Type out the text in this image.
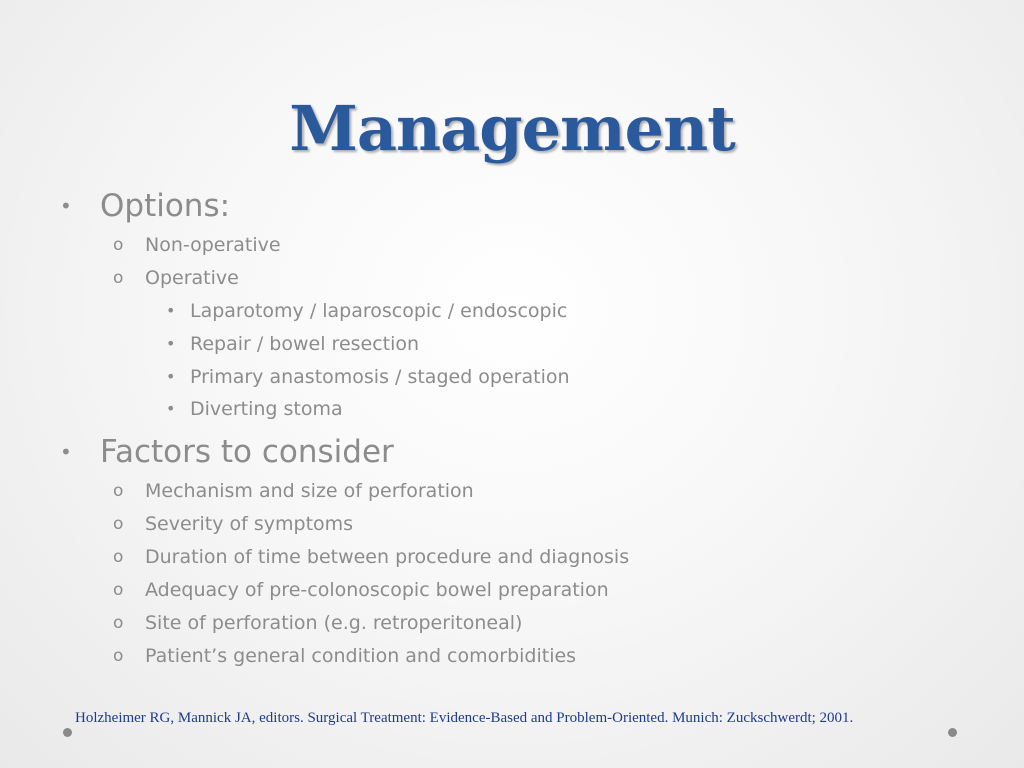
Management
• Options:
o Non-operative
o Operative
• Laparotomy / laparoscopic / endoscopic
• Repair / bowel resection
• Primary anastomosis / staged operation
• Diverting stoma
• Factors to consider
o Mechanism and size of perforation
o Severity of symptoms
o Duration of time between procedure and diagnosis
o Adequacy of pre-colonoscopic bowel preparation
o Site of perforation (e.g. retroperitoneal)
o Patient’s general condition and comorbidities
Holzheimer RG, Mannick JA, editors. Surgical Treatment: Evidence-Based and Problem-Oriented. Munich: Zuckschwerdt; 2001.
